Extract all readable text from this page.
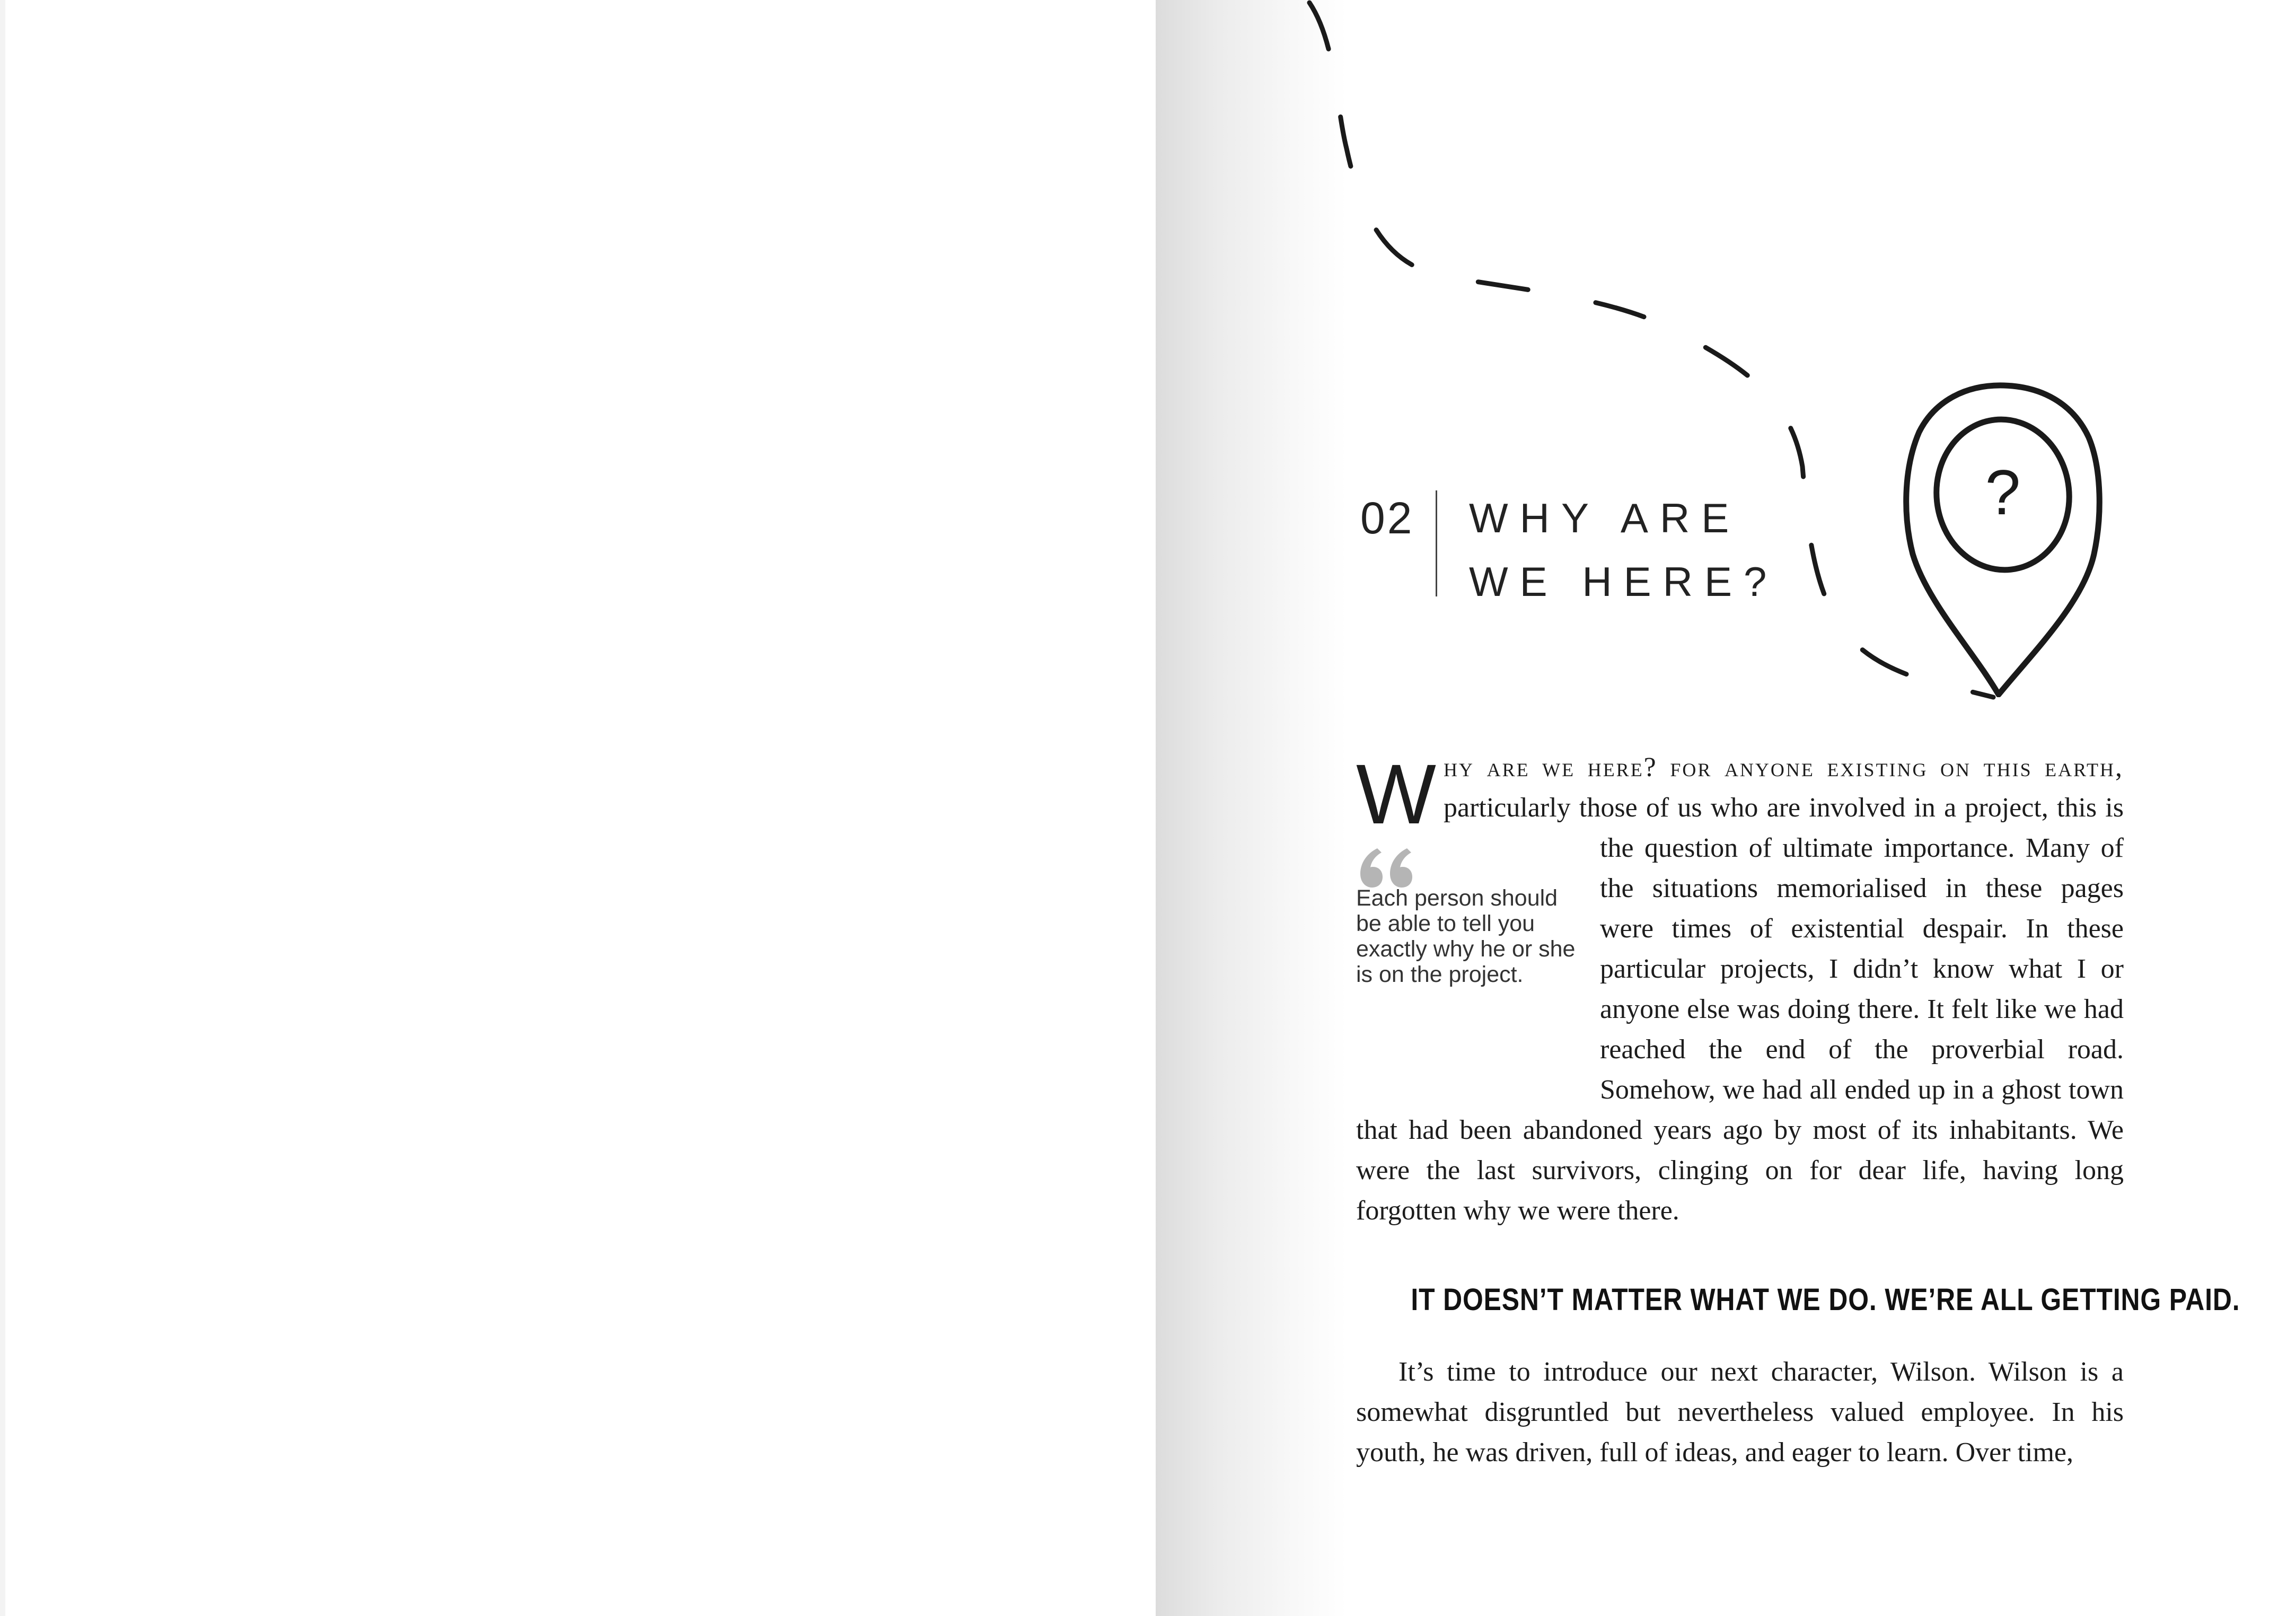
?
02 WHY ARE
WE HERE?
W hy are we here? for anyone existing on this earth,
Each person should be able to tell you exactly why he or she is on the project.
particularly those of us who are involved in a project, this is the question of ultimate importance. Many of the situations memorialised in these pages were times of existential despair. In these particular projects, I didn’t know what I or anyone else was doing there. It felt like we had reached the end of the proverbial road. Somehow, we had all ended up in a ghost town that had been abandoned years ago by most of its inhabitants. We were the last survivors, clinging on for dear life, having long forgotten why we were there.

IT DOESN’T MATTER WHAT WE DO. WE’RE ALL GETTING PAID.

It’s time to introduce our next character, Wilson. Wilson is a somewhat disgruntled but nevertheless valued employee. In his youth, he was driven, full of ideas, and eager to learn. Over time,
